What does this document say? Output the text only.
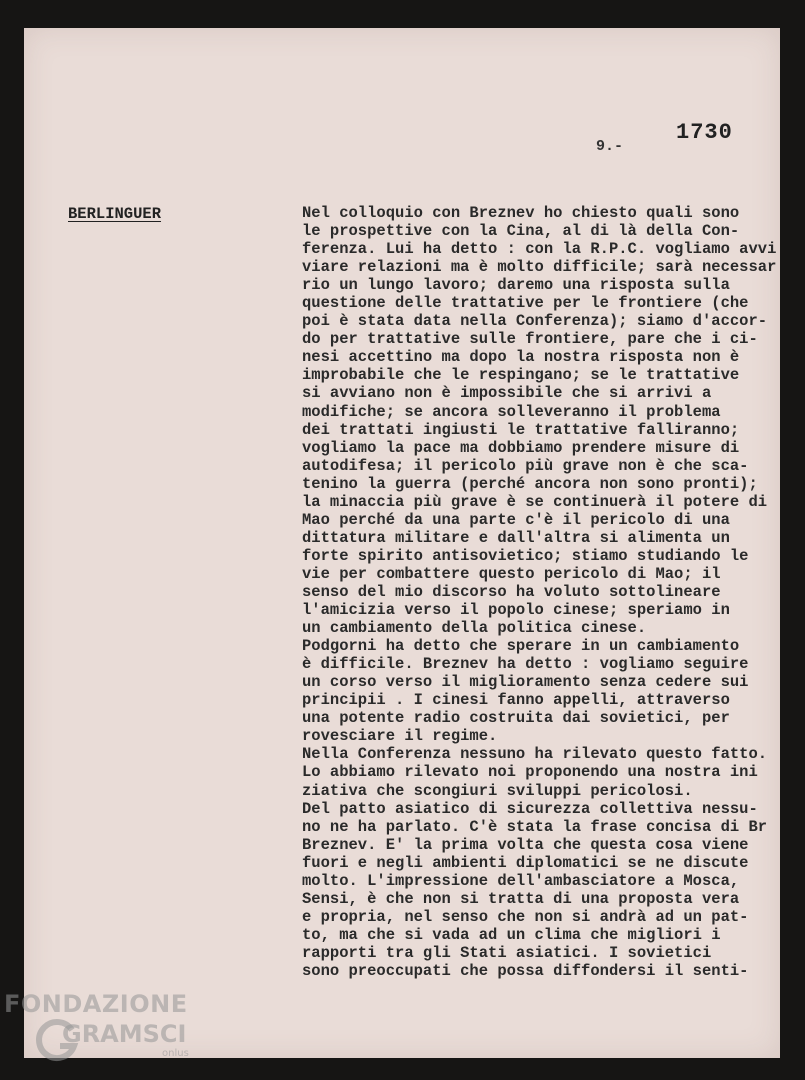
1730
9.-
BERLINGUER	Nel colloquio con Breznev ho chiesto quali sono
le prospettive con la Cina, al di là della Con-
ferenza. Lui ha detto : con la R.P.C. vogliamo avvi
viare relazioni ma è molto difficile; sarà necessar
rio un lungo lavoro; daremo una risposta sulla
questione delle trattative per le frontiere (che
poi è stata data nella Conferenza); siamo d'accor-
do per trattative sulle frontiere, pare che i ci-
nesi accettino ma dopo la nostra risposta non è
improbabile che le respingano; se le trattative
si avviano non è impossibile che si arrivi a
modifiche; se ancora solleveranno il problema
dei trattati ingiusti le trattative falliranno;
vogliamo la pace ma dobbiamo prendere misure di
autodifesa; il pericolo più grave non è che sca-
tenino la guerra (perché ancora non sono pronti);
la minaccia più grave è se continuerà il potere di
Mao perché da una parte c'è il pericolo di una
dittatura militare e dall'altra si alimenta un
forte spirito antisovietico; stiamo studiando le
vie per combattere questo pericolo di Mao; il
senso del mio discorso ha voluto sottolineare
l'amicizia verso il popolo cinese; speriamo in
un cambiamento della politica cinese.
Podgorni ha detto che sperare in un cambiamento
è difficile. Breznev ha detto : vogliamo seguire
un corso verso il miglioramento senza cedere sui
principii . I cinesi fanno appelli, attraverso
una potente radio costruita dai sovietici, per
rovesciare il regime.
Nella Conferenza nessuno ha rilevato questo fatto.
Lo abbiamo rilevato noi proponendo una nostra ini
ziativa che scongiuri sviluppi pericolosi.
Del patto asiatico di sicurezza collettiva nessu-
no ne ha parlato. C'è stata la frase concisa di Br
Breznev. E' la prima volta che questa cosa viene
fuori e negli ambienti diplomatici se ne discute
molto. L'impressione dell'ambasciatore a Mosca,
Sensi, è che non si tratta di una proposta vera
e propria, nel senso che non si andrà ad un pat-
to, ma che si vada ad un clima che migliori i
rapporti tra gli Stati asiatici. I sovietici
sono preoccupati che possa diffondersi il senti-
FONDAZIONE
GRAMSCI
onlus
